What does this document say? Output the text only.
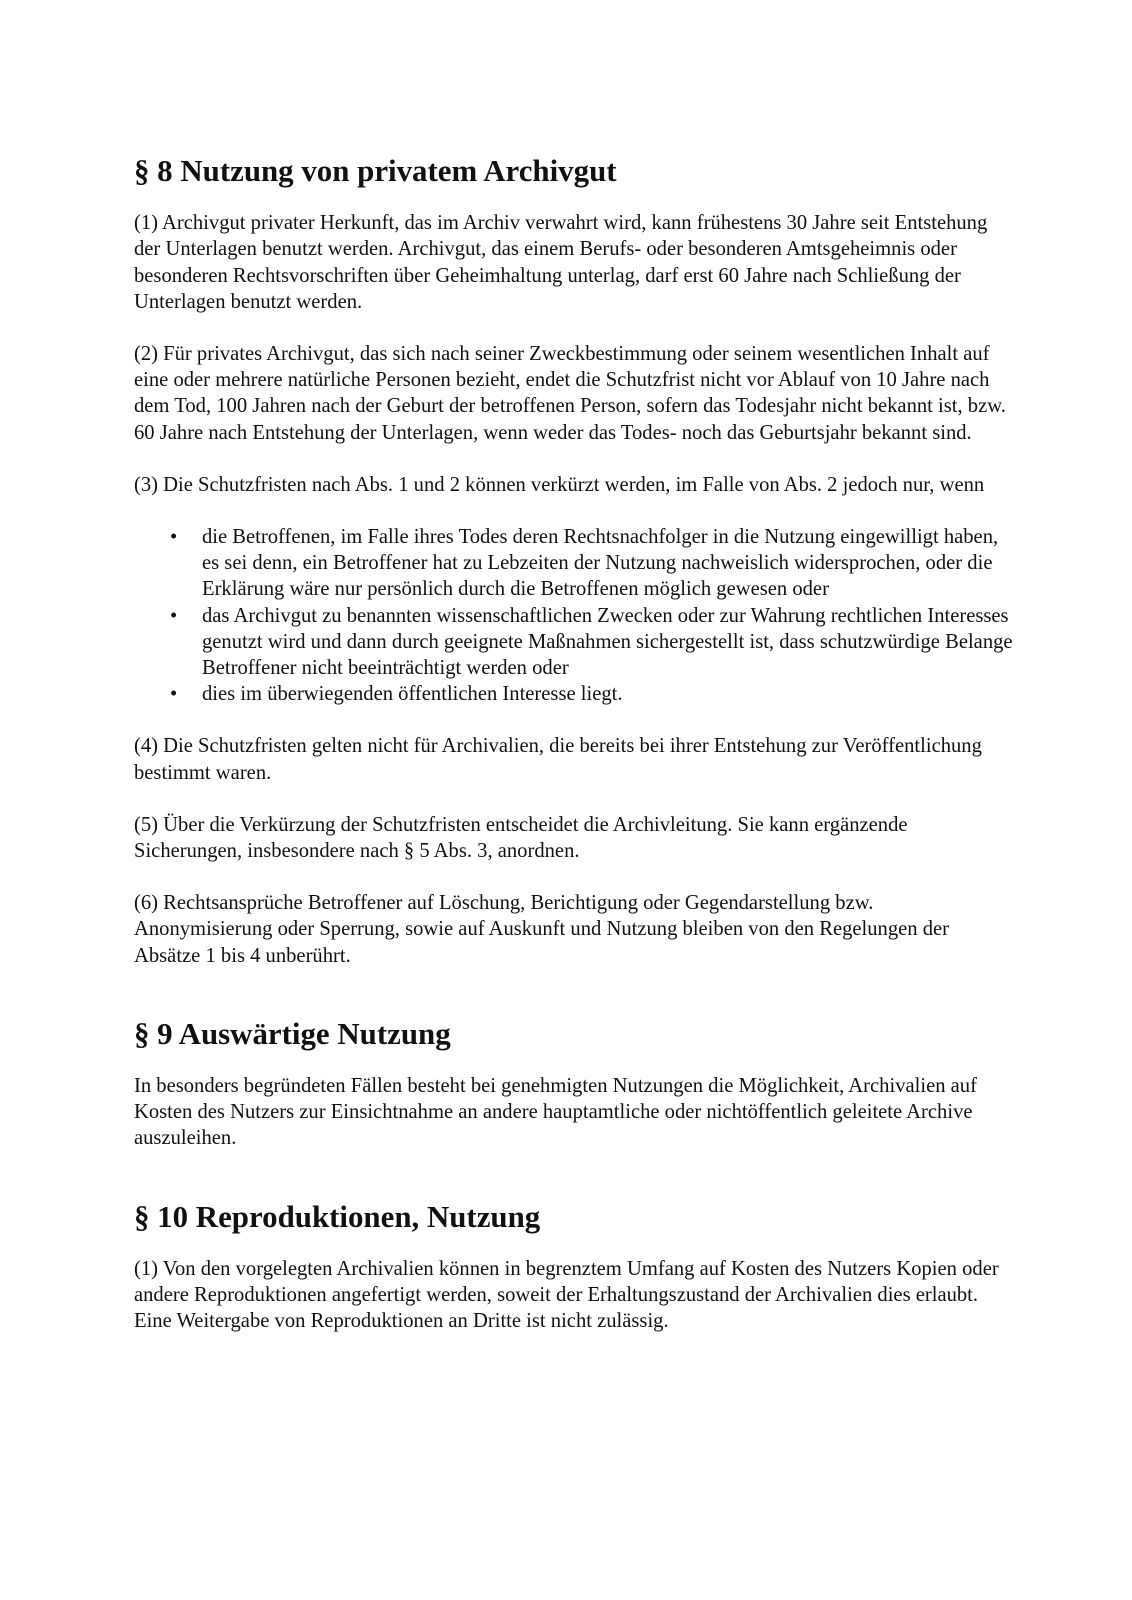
§ 8 Nutzung von privatem Archivgut

(1) Archivgut privater Herkunft, das im Archiv verwahrt wird, kann frühestens 30 Jahre seit Entstehung der Unterlagen benutzt werden. Archivgut, das einem Berufs- oder besonderen Amtsgeheimnis oder besonderen Rechtsvorschriften über Geheimhaltung unterlag, darf erst 60 Jahre nach Schließung der Unterlagen benutzt werden.

(2) Für privates Archivgut, das sich nach seiner Zweckbestimmung oder seinem wesentlichen Inhalt auf eine oder mehrere natürliche Personen bezieht, endet die Schutzfrist nicht vor Ablauf von 10 Jahre nach dem Tod, 100 Jahren nach der Geburt der betroffenen Person, sofern das Todesjahr nicht bekannt ist, bzw. 60 Jahre nach Entstehung der Unterlagen, wenn weder das Todes- noch das Geburtsjahr bekannt sind.

(3) Die Schutzfristen nach Abs. 1 und 2 können verkürzt werden, im Falle von Abs. 2 jedoch nur, wenn

• die Betroffenen, im Falle ihres Todes deren Rechtsnachfolger in die Nutzung eingewilligt haben, es sei denn, ein Betroffener hat zu Lebzeiten der Nutzung nachweislich widersprochen, oder die Erklärung wäre nur persönlich durch die Betroffenen möglich gewesen oder
• das Archivgut zu benannten wissenschaftlichen Zwecken oder zur Wahrung rechtlichen Interesses genutzt wird und dann durch geeignete Maßnahmen sichergestellt ist, dass schutzwürdige Belange Betroffener nicht beeinträchtigt werden oder
• dies im überwiegenden öffentlichen Interesse liegt.

(4) Die Schutzfristen gelten nicht für Archivalien, die bereits bei ihrer Entstehung zur Veröffentlichung bestimmt waren.

(5) Über die Verkürzung der Schutzfristen entscheidet die Archivleitung. Sie kann ergänzende Sicherungen, insbesondere nach § 5 Abs. 3, anordnen.

(6) Rechtsansprüche Betroffener auf Löschung, Berichtigung oder Gegendarstellung bzw. Anonymisierung oder Sperrung, sowie auf Auskunft und Nutzung bleiben von den Regelungen der Absätze 1 bis 4 unberührt.

§ 9 Auswärtige Nutzung

In besonders begründeten Fällen besteht bei genehmigten Nutzungen die Möglichkeit, Archivalien auf Kosten des Nutzers zur Einsichtnahme an andere hauptamtliche oder nichtöffentlich geleitete Archive auszuleihen.

§ 10 Reproduktionen, Nutzung

(1) Von den vorgelegten Archivalien können in begrenztem Umfang auf Kosten des Nutzers Kopien oder andere Reproduktionen angefertigt werden, soweit der Erhaltungszustand der Archivalien dies erlaubt. Eine Weitergabe von Reproduktionen an Dritte ist nicht zulässig.
